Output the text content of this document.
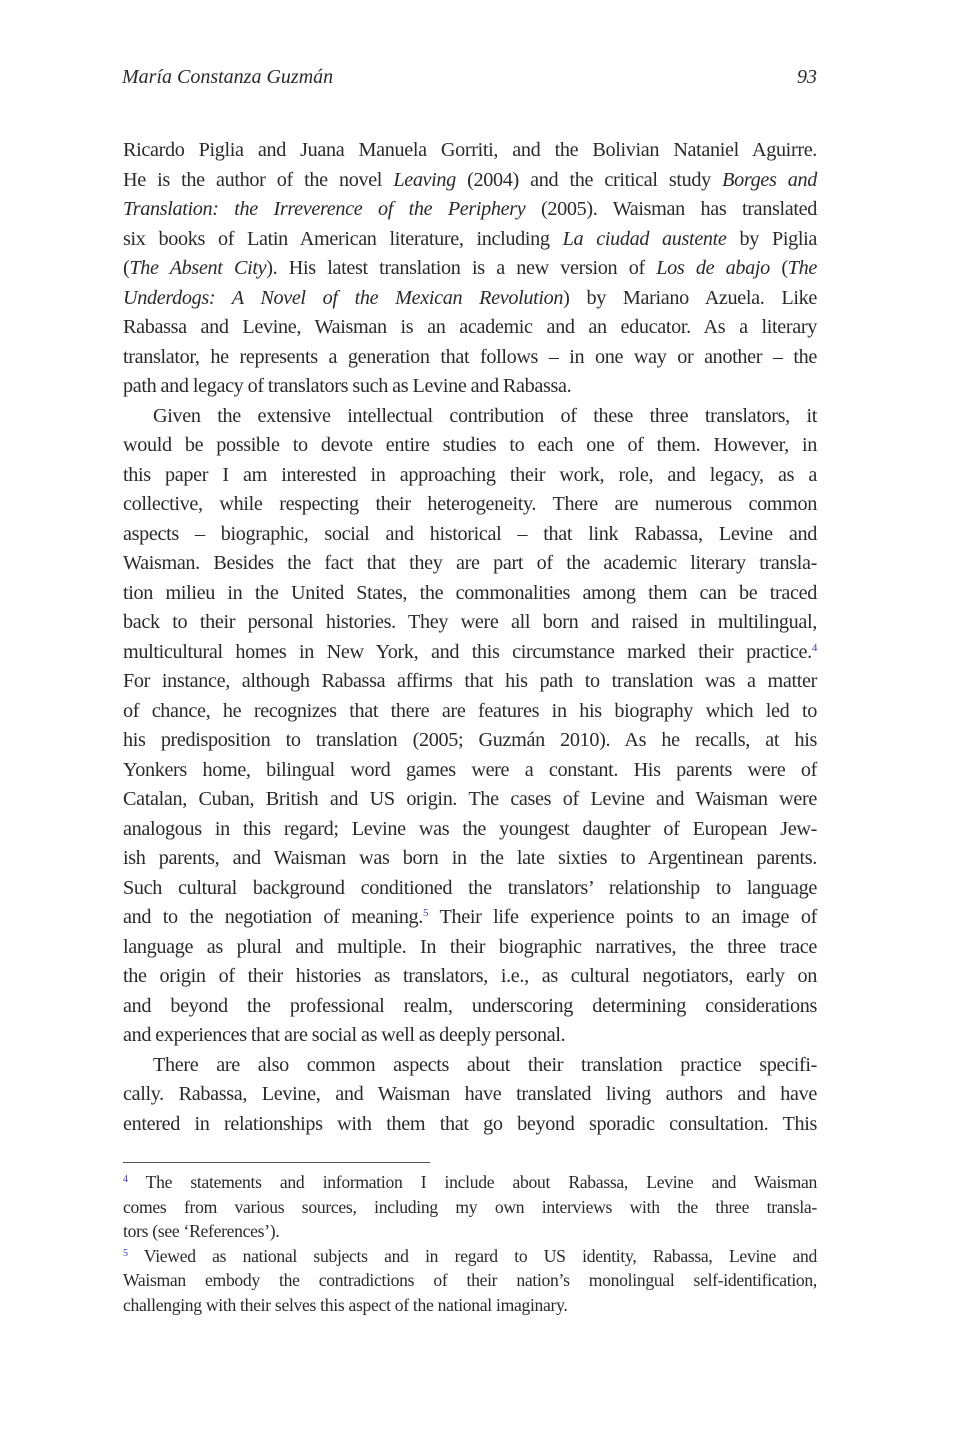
María Constanza Guzmán	93
Ricardo Piglia and Juana Manuela Gorriti, and the Bolivian Nataniel Aguirre.
He is the author of the novel Leaving (2004) and the critical study Borges and
Translation: the Irreverence of the Periphery (2005). Waisman has translated
six books of Latin American literature, including La ciudad austente by Piglia
(The Absent City). His latest translation is a new version of Los de abajo (The
Underdogs: A Novel of the Mexican Revolution) by Mariano Azuela. Like
Rabassa and Levine, Waisman is an academic and an educator. As a literary
translator, he represents a generation that follows – in one way or another – the
path and legacy of translators such as Levine and Rabassa.
Given the extensive intellectual contribution of these three translators, it
would be possible to devote entire studies to each one of them. However, in
this paper I am interested in approaching their work, role, and legacy, as a
collective, while respecting their heterogeneity. There are numerous common
aspects – biographic, social and historical – that link Rabassa, Levine and
Waisman. Besides the fact that they are part of the academic literary transla-
tion milieu in the United States, the commonalities among them can be traced
back to their personal histories. They were all born and raised in multilingual,
multicultural homes in New York, and this circumstance marked their practice.$^4$
For instance, although Rabassa affirms that his path to translation was a matter
of chance, he recognizes that there are features in his biography which led to
his predisposition to translation (2005; Guzmán 2010). As he recalls, at his
Yonkers home, bilingual word games were a constant. His parents were of
Catalan, Cuban, British and US origin. The cases of Levine and Waisman were
analogous in this regard; Levine was the youngest daughter of European Jew-
ish parents, and Waisman was born in the late sixties to Argentinean parents.
Such cultural background conditioned the translators’ relationship to language
and to the negotiation of meaning.$^5$ Their life experience points to an image of
language as plural and multiple. In their biographic narratives, the three trace
the origin of their histories as translators, i.e., as cultural negotiators, early on
and beyond the professional realm, underscoring determining considerations
and experiences that are social as well as deeply personal.
There are also common aspects about their translation practice specifi-
cally. Rabassa, Levine, and Waisman have translated living authors and have
entered in relationships with them that go beyond sporadic consultation. This
$^4$ The statements and information I include about Rabassa, Levine and Waisman
comes from various sources, including my own interviews with the three transla-
tors (see ‘References’).
$^5$ Viewed as national subjects and in regard to US identity, Rabassa, Levine and
Waisman embody the contradictions of their nation’s monolingual self-identification,
challenging with their selves this aspect of the national imaginary.
